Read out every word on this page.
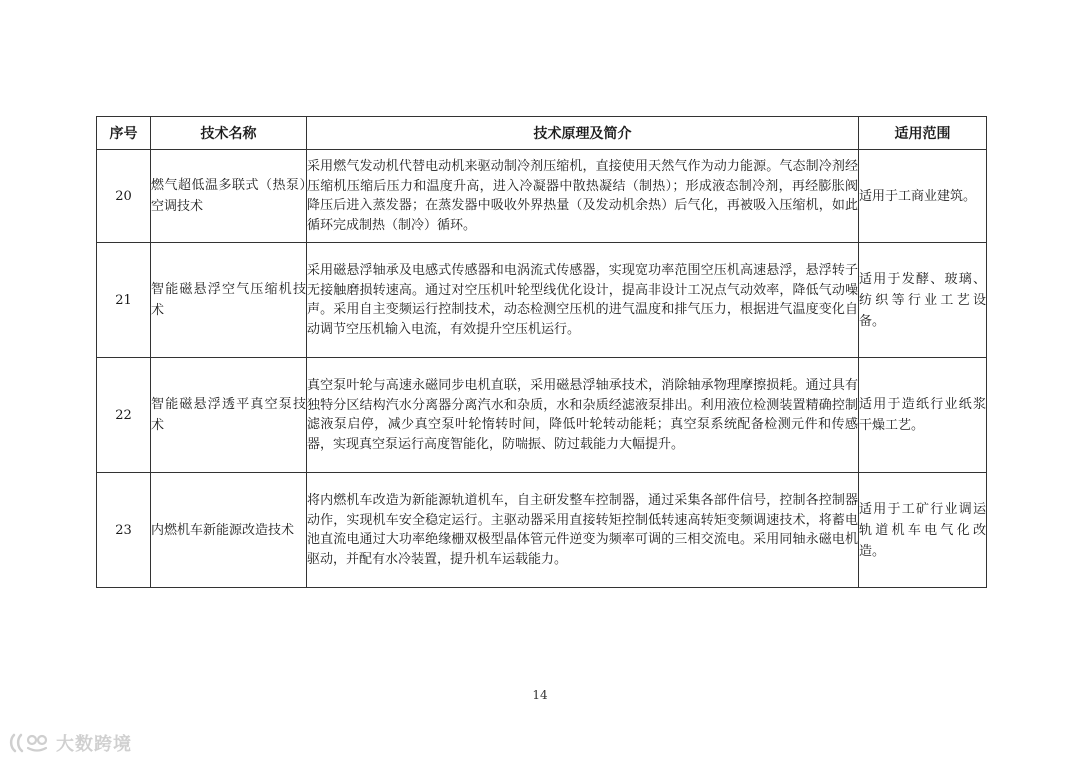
序号	技术名称	技术原理及简介	适用范围
20	燃气超低温多联式（热泵）空调技术	采用燃气发动机代替电动机来驱动制冷剂压缩机，直接使用天然气作为动力能源。气态制冷剂经压缩机压缩后压力和温度升高，进入冷凝器中散热凝结（制热）；形成液态制冷剂，再经膨胀阀降压后进入蒸发器；在蒸发器中吸收外界热量（及发动机余热）后气化，再被吸入压缩机，如此循环完成制热（制冷）循环。	适用于工商业建筑。
21	智能磁悬浮空气压缩机技术	采用磁悬浮轴承及电感式传感器和电涡流式传感器，实现宽功率范围空压机高速悬浮，悬浮转子无接触磨损转速高。通过对空压机叶轮型线优化设计，提高非设计工况点气动效率，降低气动噪声。采用自主变频运行控制技术，动态检测空压机的进气温度和排气压力，根据进气温度变化自动调节空压机输入电流，有效提升空压机运行。	适用于发酵、玻璃、纺织等行业工艺设备。
22	智能磁悬浮透平真空泵技术	真空泵叶轮与高速永磁同步电机直联，采用磁悬浮轴承技术，消除轴承物理摩擦损耗。通过具有独特分区结构汽水分离器分离汽水和杂质，水和杂质经滤液泵排出。利用液位检测装置精确控制滤液泵启停，减少真空泵叶轮惰转时间，降低叶轮转动能耗；真空泵系统配备检测元件和传感器，实现真空泵运行高度智能化，防喘振、防过载能力大幅提升。	适用于造纸行业纸浆干燥工艺。
23	内燃机车新能源改造技术	将内燃机车改造为新能源轨道机车，自主研发整车控制器，通过采集各部件信号，控制各控制器动作，实现机车安全稳定运行。主驱动器采用直接转矩控制低转速高转矩变频调速技术，将蓄电池直流电通过大功率绝缘栅双极型晶体管元件逆变为频率可调的三相交流电。采用同轴永磁电机驱动，并配有水冷装置，提升机车运载能力。	适用于工矿行业调运轨道机车电气化改造。
14
大数跨境
